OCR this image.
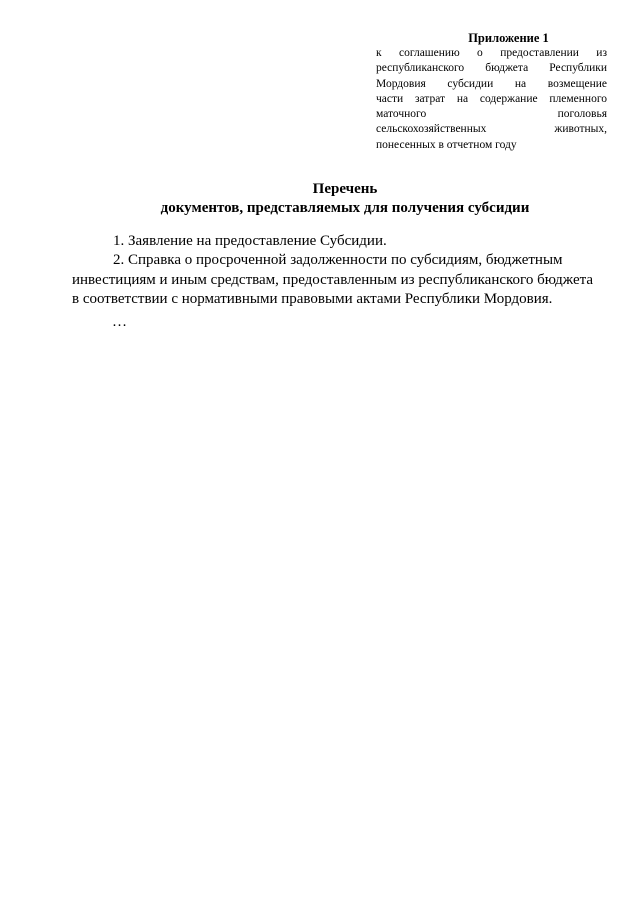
Приложение 1
к соглашению о предоставлении из
республиканского бюджета Республики
Мордовия субсидии на возмещение
части затрат на содержание племенного
маточного поголовья
сельскохозяйственных животных,
понесенных в отчетном году
Перечень
документов, представляемых для получения субсидии
1. Заявление на предоставление Субсидии.
2. Справка о просроченной задолженности по субсидиям, бюджетным
инвестициям и иным средствам, предоставленным из республиканского бюджета
в соответствии с нормативными правовыми актами Республики Мордовия.
…
